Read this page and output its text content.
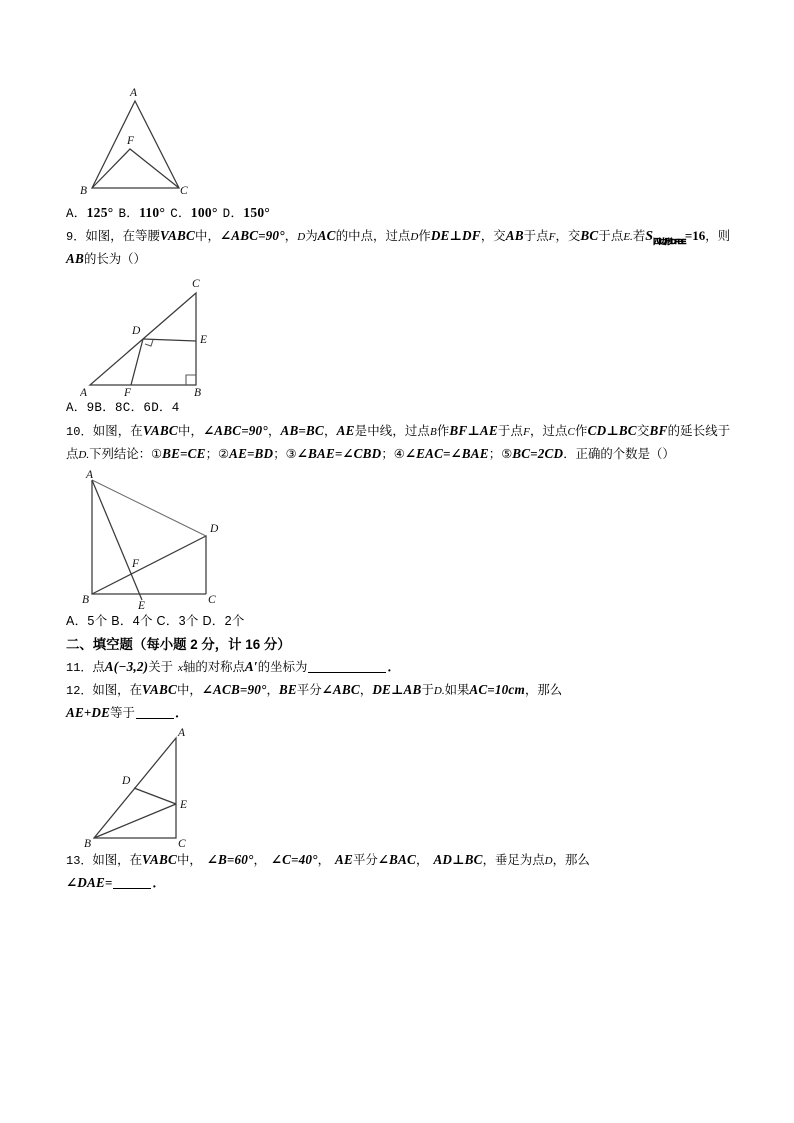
A
F
B	C

A．125° B．110° C．100° D．150°

9．如图，在等腰VABC中，∠ABC=90°，D为AC的中点，过点D作DE⊥DF，交AB于点F，交BC于点E.若$S_{四边形DFBE}=16$，则AB的长为（）

C
D
E
A	F	B

A．9B．8C．6D．4

10．如图，在VABC中，∠ABC=90°，AB=BC，AE是中线，过点B作BF⊥AE于点F，过点C作CD⊥BC交BF的延长线于点D.下列结论：①BE=CE；②AE=BD；③∠BAE=∠CBD；④∠EAC=∠BAE；⑤BC=2CD．正确的个数是（）

A
D
F
B	E	C

A．5个 B．4个 C．3个 D．2个

二、填空题（每小题 2 分，计 16 分）

11．点A(−3,2)关于 x轴的对称点A′的坐标为	．

12．如图，在VABC中，∠ACB=90°，BE平分∠ABC，DE⊥AB于D.如果AC=10cm，那么
AE+DE等于	．

A
D
E
B	C

13．如图，在VABC中， ∠B=60°， ∠C=40°， AE平分∠BAC， AD⊥BC，垂足为点D，那么
∠DAE=	．
